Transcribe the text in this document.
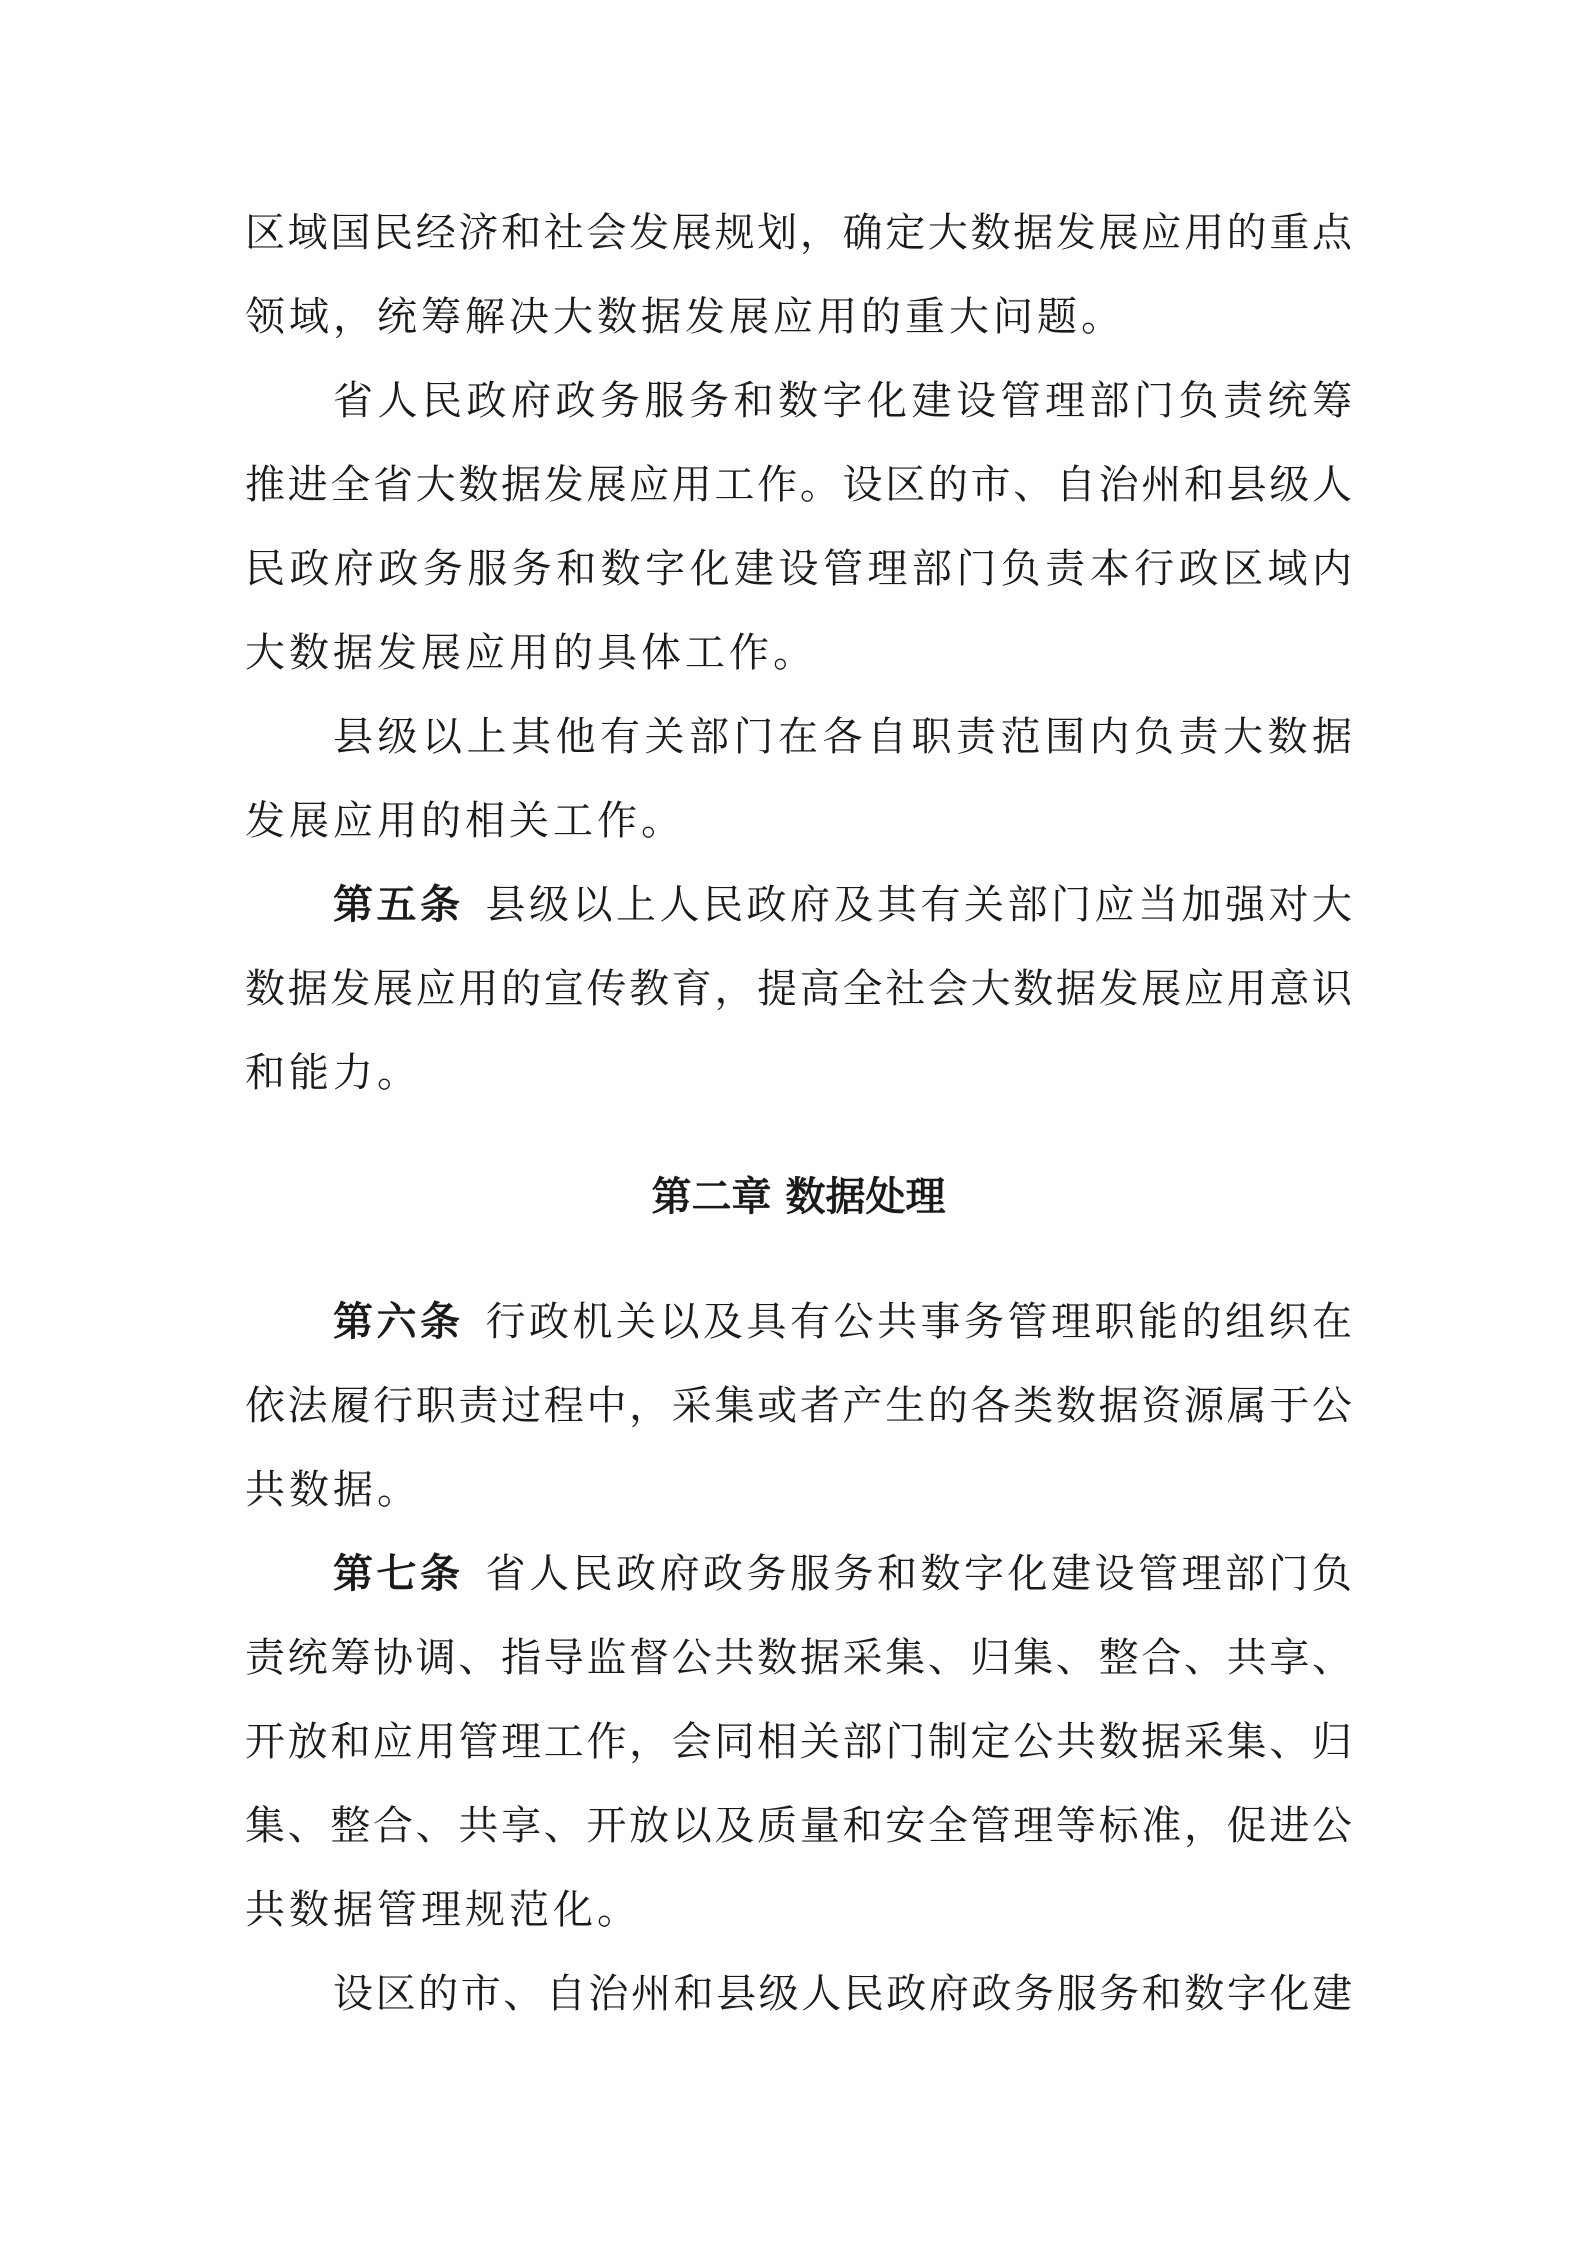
区域国民经济和社会发展规划，确定大数据发展应用的重点
领域，统筹解决大数据发展应用的重大问题。
省人民政府政务服务和数字化建设管理部门负责统筹
推进全省大数据发展应用工作。设区的市、自治州和县级人
民政府政务服务和数字化建设管理部门负责本行政区域内
大数据发展应用的具体工作。
县级以上其他有关部门在各自职责范围内负责大数据
发展应用的相关工作。
第五条 县级以上人民政府及其有关部门应当加强对大
数据发展应用的宣传教育，提高全社会大数据发展应用意识
和能力。
第二章 数据处理
第六条 行政机关以及具有公共事务管理职能的组织在
依法履行职责过程中，采集或者产生的各类数据资源属于公
共数据。
第七条 省人民政府政务服务和数字化建设管理部门负
责统筹协调、指导监督公共数据采集、归集、整合、共享、
开放和应用管理工作，会同相关部门制定公共数据采集、归
集、整合、共享、开放以及质量和安全管理等标准，促进公
共数据管理规范化。
设区的市、自治州和县级人民政府政务服务和数字化建
